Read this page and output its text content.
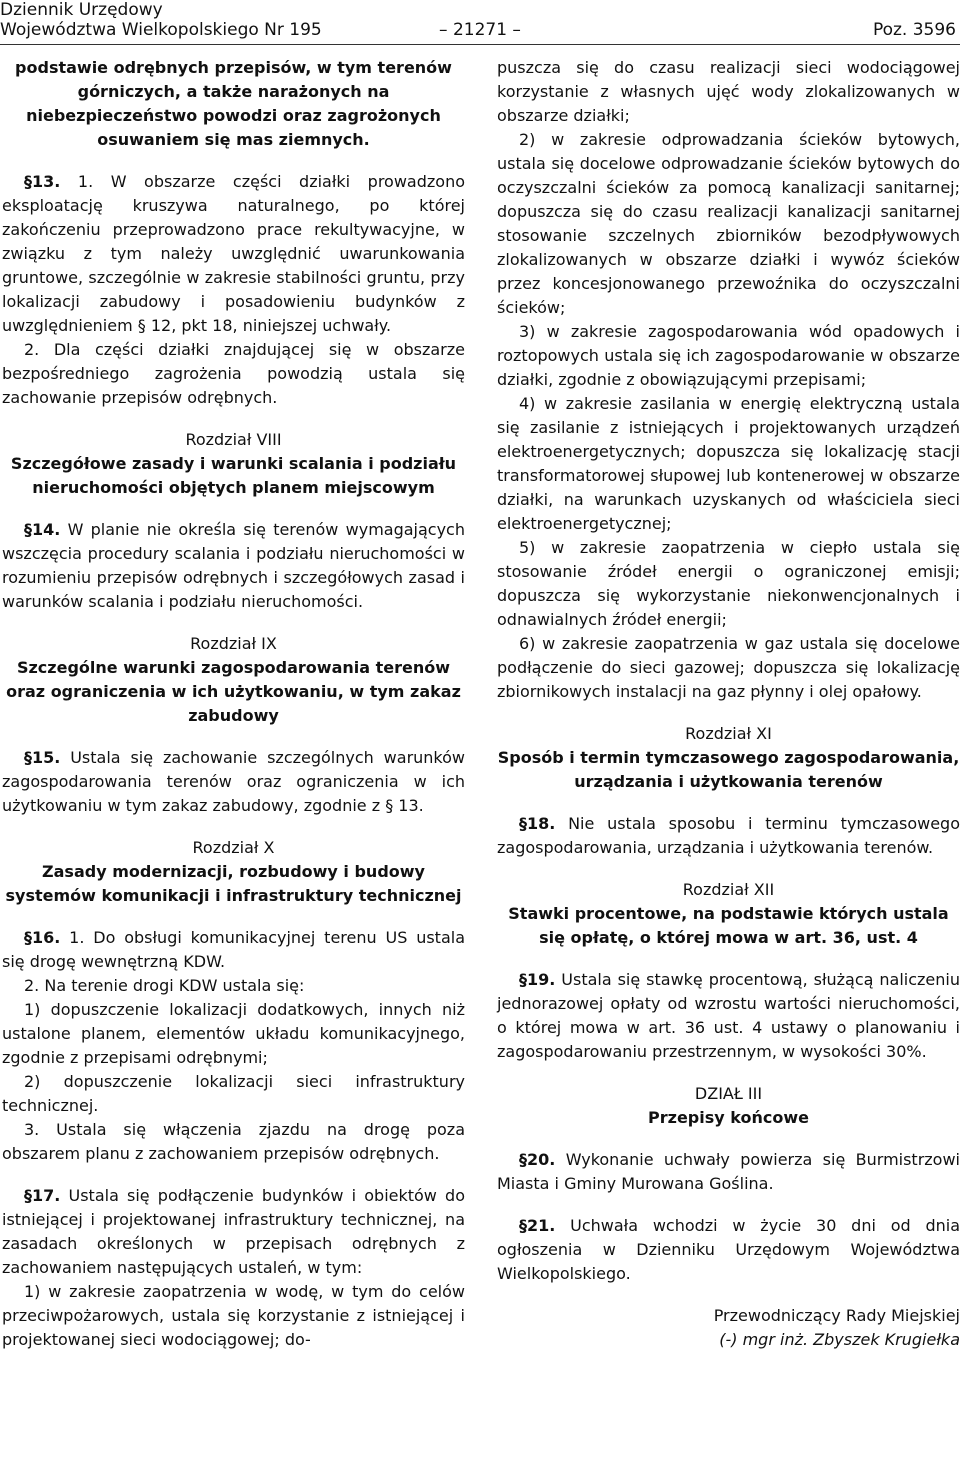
Dziennik Urzędowy
Województwa Wielkopolskiego Nr 195	– 21271 –	Poz. 3596

podstawie odrębnych przepisów, w tym terenów górniczych, a także narażonych na niebezpieczeństwo powodzi oraz zagrożonych osuwaniem się mas ziemnych.

§13. 1. W obszarze części działki prowadzono eksploatację kruszywa naturalnego, po której zakończeniu przeprowadzono prace rekultywacyjne, w związku z tym należy uwzględnić uwarunkowania gruntowe, szczególnie w zakresie stabilności gruntu, przy lokalizacji zabudowy i posadowieniu budynków z uwzględnieniem § 12, pkt 18, niniejszej uchwały.

2. Dla części działki znajdującej się w obszarze bezpośredniego zagrożenia powodzią ustala się zachowanie przepisów odrębnych.

Rozdział VIII

Szczegółowe zasady i warunki scalania i podziału nieruchomości objętych planem miejscowym

§14. W planie nie określa się terenów wymagających wszczęcia procedury scalania i podziału nieruchomości w rozumieniu przepisów odrębnych i szczegółowych zasad i warunków scalania i podziału nieruchomości.

Rozdział IX

Szczególne warunki zagospodarowania terenów oraz ograniczenia w ich użytkowaniu, w tym zakaz zabudowy

§15. Ustala się zachowanie szczególnych warunków zagospodarowania terenów oraz ograniczenia w ich użytkowaniu w tym zakaz zabudowy, zgodnie z § 13.

Rozdział X

Zasady modernizacji, rozbudowy i budowy systemów komunikacji i infrastruktury technicznej

§16. 1. Do obsługi komunikacyjnej terenu US ustala się drogę wewnętrzną KDW.

2. Na terenie drogi KDW ustala się:

1) dopuszczenie lokalizacji dodatkowych, innych niż ustalone planem, elementów układu komunikacyjnego, zgodnie z przepisami odrębnymi;

2) dopuszczenie lokalizacji sieci infrastruktury technicznej.

3. Ustala się włączenia zjazdu na drogę poza obszarem planu z zachowaniem przepisów odrębnych.

§17. Ustala się podłączenie budynków i obiektów do istniejącej i projektowanej infrastruktury technicznej, na zasadach określonych w przepisach odrębnych z zachowaniem następujących ustaleń, w tym:

1) w zakresie zaopatrzenia w wodę, w tym do celów przeciwpożarowych, ustala się korzystanie z istniejącej i projektowanej sieci wodociągowej; do-

puszcza się do czasu realizacji sieci wodociągowej korzystanie z własnych ujęć wody zlokalizowanych w obszarze działki;

2) w zakresie odprowadzania ścieków bytowych, ustala się docelowe odprowadzanie ścieków bytowych do oczyszczalni ścieków za pomocą kanalizacji sanitarnej; dopuszcza się do czasu realizacji kanalizacji sanitarnej stosowanie szczelnych zbiorników bezodpływowych zlokalizowanych w obszarze działki i wywóz ścieków przez koncesjonowanego przewoźnika do oczyszczalni ścieków;

3) w zakresie zagospodarowania wód opadowych i roztopowych ustala się ich zagospodarowanie w obszarze działki, zgodnie z obowiązującymi przepisami;

4) w zakresie zasilania w energię elektryczną ustala się zasilanie z istniejących i projektowanych urządzeń elektroenergetycznych; dopuszcza się lokalizację stacji transformatorowej słupowej lub kontenerowej w obszarze działki, na warunkach uzyskanych od właściciela sieci elektroenergetycznej;

5) w zakresie zaopatrzenia w ciepło ustala się stosowanie źródeł energii o ograniczonej emisji; dopuszcza się wykorzystanie niekonwencjonalnych i odnawialnych źródeł energii;

6) w zakresie zaopatrzenia w gaz ustala się docelowe podłączenie do sieci gazowej; dopuszcza się lokalizację zbiornikowych instalacji na gaz płynny i olej opałowy.

Rozdział XI

Sposób i termin tymczasowego zagospodarowania, urządzania i użytkowania terenów

§18. Nie ustala sposobu i terminu tymczasowego zagospodarowania, urządzania i użytkowania terenów.

Rozdział XII

Stawki procentowe, na podstawie których ustala się opłatę, o której mowa w art. 36, ust. 4

§19. Ustala się stawkę procentową, służącą naliczeniu jednorazowej opłaty od wzrostu wartości nieruchomości, o której mowa w art. 36 ust. 4 ustawy o planowaniu i zagospodarowaniu przestrzennym, w wysokości 30%.

DZIAŁ III

Przepisy końcowe

§20. Wykonanie uchwały powierza się Burmistrzowi Miasta i Gminy Murowana Goślina.

§21. Uchwała wchodzi w życie 30 dni od dnia ogłoszenia w Dzienniku Urzędowym Województwa Wielkopolskiego.

Przewodniczący Rady Miejskiej

(-) mgr inż. Zbyszek Krugiełka
